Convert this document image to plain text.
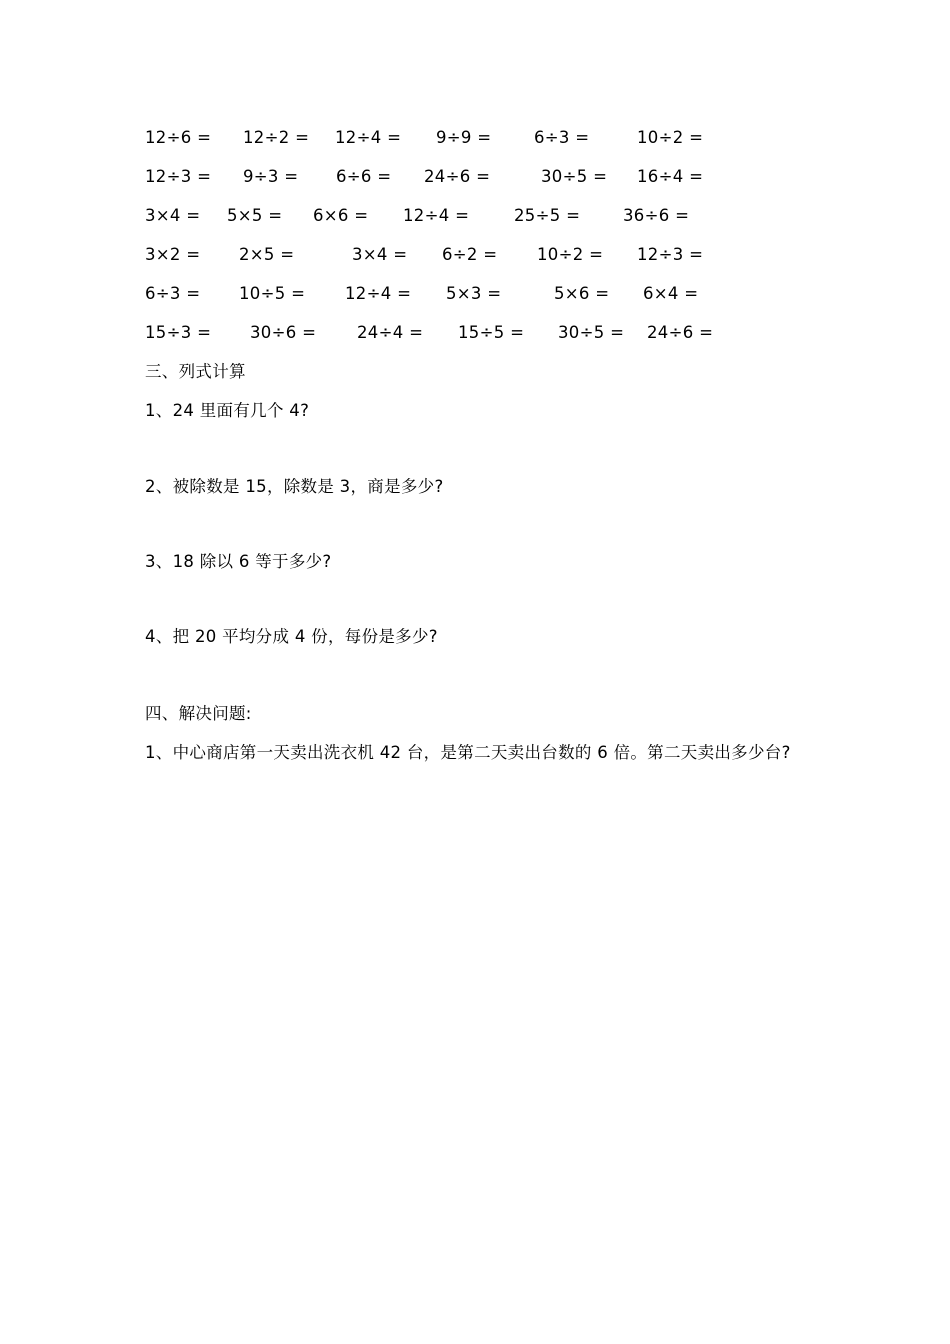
12÷6 = 12÷2 = 12÷4 = 9÷9 =	6÷3 =	10÷2 =
12÷3 = 9÷3 = 6÷6 = 24÷6 =	30÷5 = 16÷4 =
3×4 = 5×5 = 6×6 = 12÷4 =	25÷5 =	36÷6 =
3×2 = 2×5 =	3×4 = 6÷2 = 10÷2 = 12÷3 =
6÷3 = 10÷5 = 12÷4 = 5×3 =	5×6 = 6×4 =
15÷3 = 30÷6 = 24÷4 = 15÷5 = 30÷5 = 24÷6 =
三、列式计算
1、24 里面有几个 4?
2、被除数是 15，除数是 3，商是多少?
3、18 除以 6 等于多少?
4、把 20 平均分成 4 份，每份是多少?
四、解决问题:
1、中心商店第一天卖出洗衣机 42 台，是第二天卖出台数的 6 倍。第二天卖出多少台?
